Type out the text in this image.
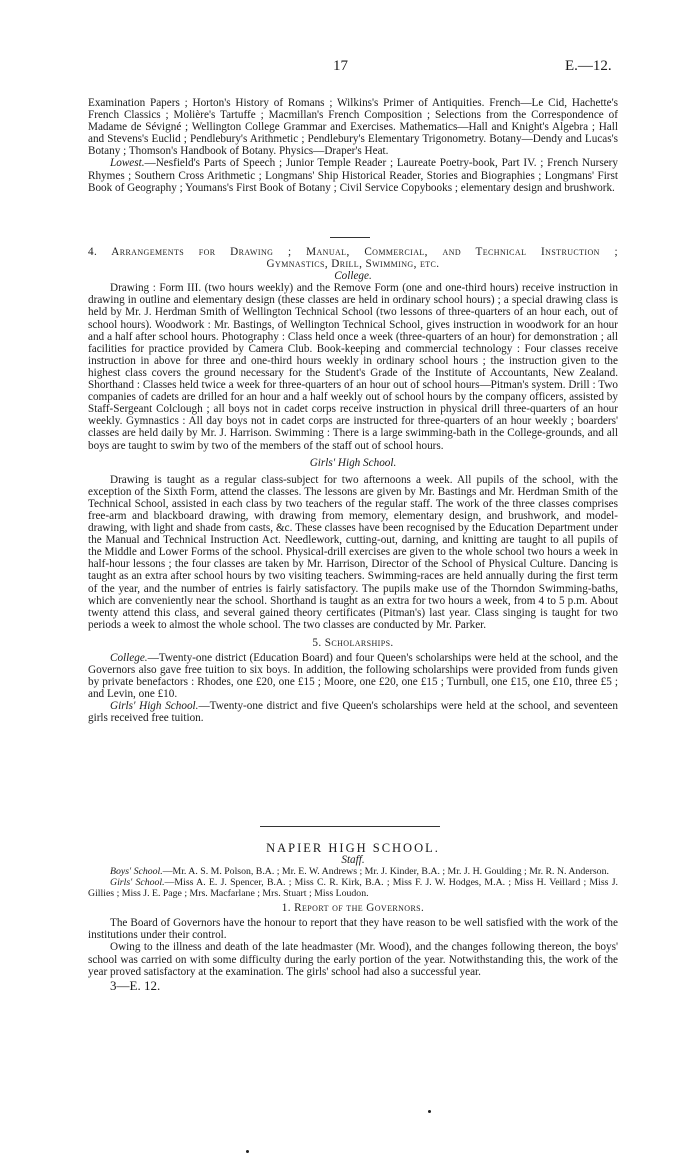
17	E.—12.

Examination Papers ; Horton's History of Romans ; Wilkins's Primer of Antiquities. French—Le Cid, Hachette's French Classics ; Molière's Tartuffe ; Macmillan's French Composition ; Selections from the Correspondence of Madame de Sévigné ; Wellington College Grammar and Exercises. Mathematics—Hall and Knight's Algebra ; Hall and Stevens's Euclid ; Pendlebury's Arithmetic ; Pendlebury's Elementary Trigonometry. Botany—Dendy and Lucas's Botany ; Thomson's Handbook of Botany. Physics—Draper's Heat.

Lowest.—Nesfield's Parts of Speech ; Junior Temple Reader ; Laureate Poetry-book, Part IV. ; French Nursery Rhymes ; Southern Cross Arithmetic ; Longmans' Ship Historical Reader, Stories and Biographies ; Longmans' First Book of Geography ; Youmans's First Book of Botany ; Civil Service Copybooks ; elementary design and brushwork.

4. Arrangements for Drawing ; Manual, Commercial, and Technical Instruction ;

Gymnastics, Drill, Swimming, etc.

College.

Drawing : Form III. (two hours weekly) and the Remove Form (one and one-third hours) receive instruction in drawing in outline and elementary design (these classes are held in ordinary school hours) ; a special drawing class is held by Mr. J. Herdman Smith of Wellington Technical School (two lessons of three-quarters of an hour each, out of school hours). Woodwork : Mr. Bastings, of Wellington Technical School, gives instruction in woodwork for an hour and a half after school hours. Photography : Class held once a week (three-quarters of an hour) for demonstration ; all facilities for practice provided by Camera Club. Book-keeping and commercial technology : Four classes receive instruction in above for three and one-third hours weekly in ordinary school hours ; the instruction given to the highest class covers the ground necessary for the Student's Grade of the Institute of Accountants, New Zealand. Shorthand : Classes held twice a week for three-quarters of an hour out of school hours—Pitman's system. Drill : Two companies of cadets are drilled for an hour and a half weekly out of school hours by the company officers, assisted by Staff-Sergeant Colclough ; all boys not in cadet corps receive instruction in physical drill three-quarters of an hour weekly. Gymnastics : All day boys not in cadet corps are instructed for three-quarters of an hour weekly ; boarders' classes are held daily by Mr. J. Harrison. Swimming : There is a large swimming-bath in the College-grounds, and all boys are taught to swim by two of the members of the staff out of school hours.

Girls' High School.

Drawing is taught as a regular class-subject for two afternoons a week. All pupils of the school, with the exception of the Sixth Form, attend the classes. The lessons are given by Mr. Bastings and Mr. Herdman Smith of the Technical School, assisted in each class by two teachers of the regular staff. The work of the three classes comprises free-arm and blackboard drawing, with drawing from memory, elementary design, and brushwork, and model-drawing, with light and shade from casts, &c. These classes have been recognised by the Education Department under the Manual and Technical Instruction Act. Needlework, cutting-out, darning, and knitting are taught to all pupils of the Middle and Lower Forms of the school. Physical-drill exercises are given to the whole school two hours a week in half-hour lessons ; the four classes are taken by Mr. Harrison, Director of the School of Physical Culture. Dancing is taught as an extra after school hours by two visiting teachers. Swimming-races are held annually during the first term of the year, and the number of entries is fairly satisfactory. The pupils make use of the Thorndon Swimming-baths, which are conveniently near the school. Shorthand is taught as an extra for two hours a week, from 4 to 5 p.m. About twenty attend this class, and several gained theory certificates (Pitman's) last year. Class singing is taught for two periods a week to almost the whole school. The two classes are conducted by Mr. Parker.

5. Scholarships.

College.—Twenty-one district (Education Board) and four Queen's scholarships were held at the school, and the Governors also gave free tuition to six boys. In addition, the following scholarships were provided from funds given by private benefactors : Rhodes, one £20, one £15 ; Moore, one £20, one £15 ; Turnbull, one £15, one £10, three £5 ; and Levin, one £10.

Girls' High School.—Twenty-one district and five Queen's scholarships were held at the school, and seventeen girls received free tuition.

NAPIER HIGH SCHOOL.

Staff.

Boys' School.—Mr. A. S. M. Polson, B.A. ; Mr. E. W. Andrews ; Mr. J. Kinder, B.A. ; Mr. J. H. Goulding ; Mr. R. N. Anderson.

Girls' School.—Miss A. E. J. Spencer, B.A. ; Miss C. R. Kirk, B.A. ; Miss F. J. W. Hodges, M.A. ; Miss H. Veillard ; Miss J. Gillies ; Miss J. E. Page ; Mrs. Macfarlane ; Mrs. Stuart ; Miss Loudon.

1. Report of the Governors.

The Board of Governors have the honour to report that they have reason to be well satisfied with the work of the institutions under their control.

Owing to the illness and death of the late headmaster (Mr. Wood), and the changes following thereon, the boys' school was carried on with some difficulty during the early portion of the year. Notwithstanding this, the work of the year proved satisfactory at the examination. The girls' school had also a successful year.

3—E. 12.
